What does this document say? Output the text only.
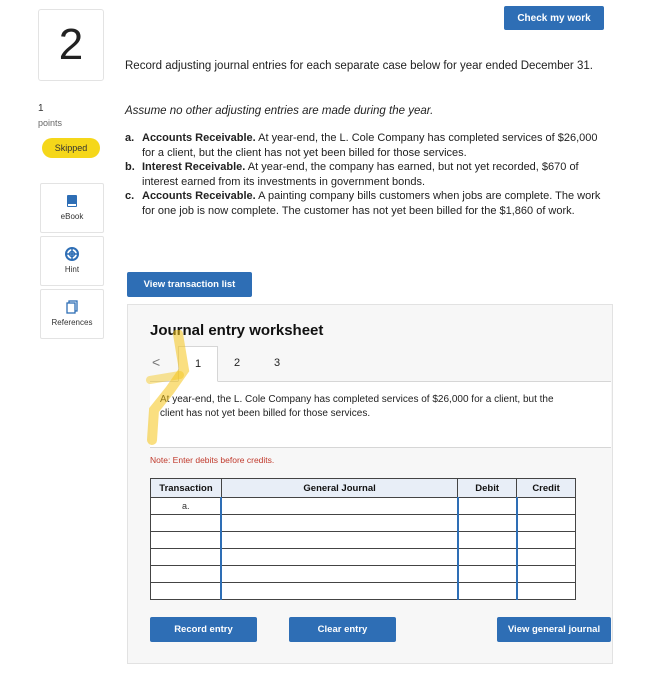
2
1
points
Skipped
eBook
Hint
References
Check my work
Record adjusting journal entries for each separate case below for year ended December 31.
Assume no other adjusting entries are made during the year.
a. Accounts Receivable. At year-end, the L. Cole Company has completed services of $26,000 for a client, but the client has not yet been billed for those services.
b. Interest Receivable. At year-end, the company has earned, but not yet recorded, $670 of interest earned from its investments in government bonds.
c. Accounts Receivable. A painting company bills customers when jobs are complete. The work for one job is now complete. The customer has not yet been billed for the $1,860 of work.
View transaction list
Journal entry worksheet
<	1	2	3

At year-end, the L. Cole Company has completed services of $26,000 for a client, but the client has not yet been billed for those services.

Note: Enter debits before credits.
Transaction	General Journal	Debit	Credit
a.			

Record entry	Clear entry	View general journal
